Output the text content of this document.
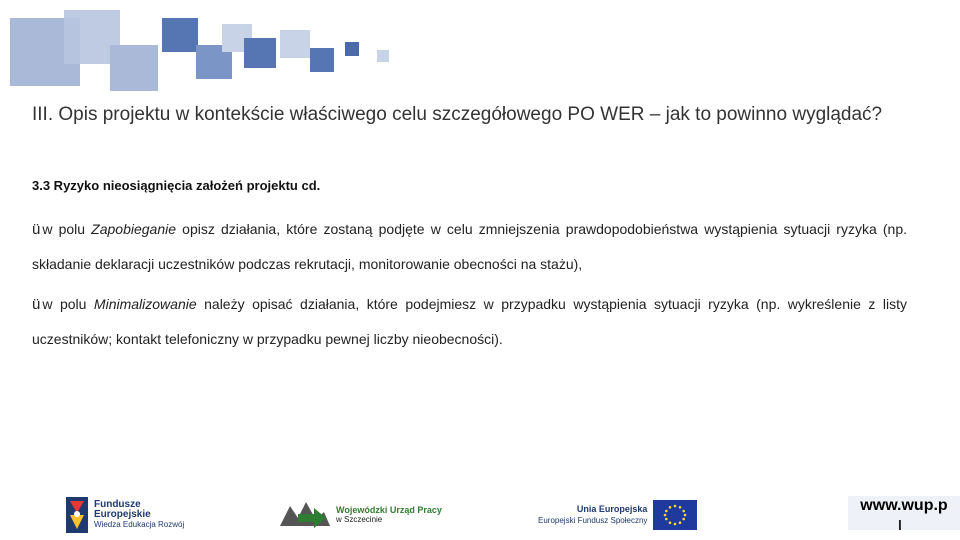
III. Opis projektu w kontekście właściwego celu szczegółowego PO WER – jak to powinno wyglądać?
3.3 Ryzyko nieosiągnięcia założeń projektu cd.
ü w polu Zapobieganie opisz działania, które zostaną podjęte w celu zmniejszenia prawdopodobieństwa wystąpienia sytuacji ryzyka (np. składanie deklaracji uczestników podczas rekrutacji, monitorowanie obecności na stażu),
ü w polu Minimalizowanie należy opisać działania, które podejmiesz w przypadku wystąpienia sytuacji ryzyka (np. wykreślenie z listy uczestników; kontakt telefoniczny w przypadku pewnej liczby nieobecności).
Fundusze
Europejskie
Wiedza Edukacja Rozwój
Wojewódzki Urząd Pracy
w Szczecinie
Unia Europejska
Europejski Fundusz Społeczny
www.wup.p
l
